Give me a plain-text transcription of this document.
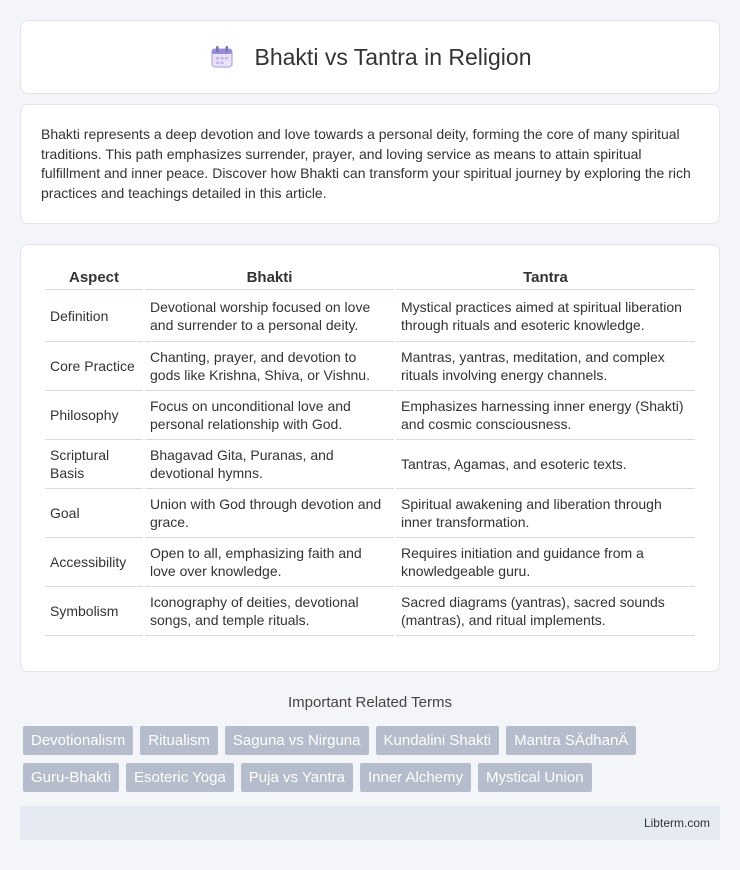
Bhakti vs Tantra in Religion

Bhakti represents a deep devotion and love towards a personal deity, forming the core of many spiritual traditions. This path emphasizes surrender, prayer, and loving service as means to attain spiritual fulfillment and inner peace. Discover how Bhakti can transform your spiritual journey by exploring the rich practices and teachings detailed in this article.

Aspect	Bhakti	Tantra
Definition	Devotional worship focused on love and surrender to a personal deity.	Mystical practices aimed at spiritual liberation through rituals and esoteric knowledge.
Core Practice	Chanting, prayer, and devotion to gods like Krishna, Shiva, or Vishnu.	Mantras, yantras, meditation, and complex rituals involving energy channels.
Philosophy	Focus on unconditional love and personal relationship with God.	Emphasizes harnessing inner energy (Shakti) and cosmic consciousness.
Scriptural Basis	Bhagavad Gita, Puranas, and devotional hymns.	Tantras, Agamas, and esoteric texts.
Goal	Union with God through devotion and grace.	Spiritual awakening and liberation through inner transformation.
Accessibility	Open to all, emphasizing faith and love over knowledge.	Requires initiation and guidance from a knowledgeable guru.
Symbolism	Iconography of deities, devotional songs, and temple rituals.	Sacred diagrams (yantras), sacred sounds (mantras), and ritual implements.
Important Related Terms
Devotionalism	Ritualism	Saguna vs Nirguna	Kundalini Shakti	Mantra SÄdhanÄ
Guru-Bhakti	Esoteric Yoga	Puja vs Yantra	Inner Alchemy	Mystical Union
Libterm.com
